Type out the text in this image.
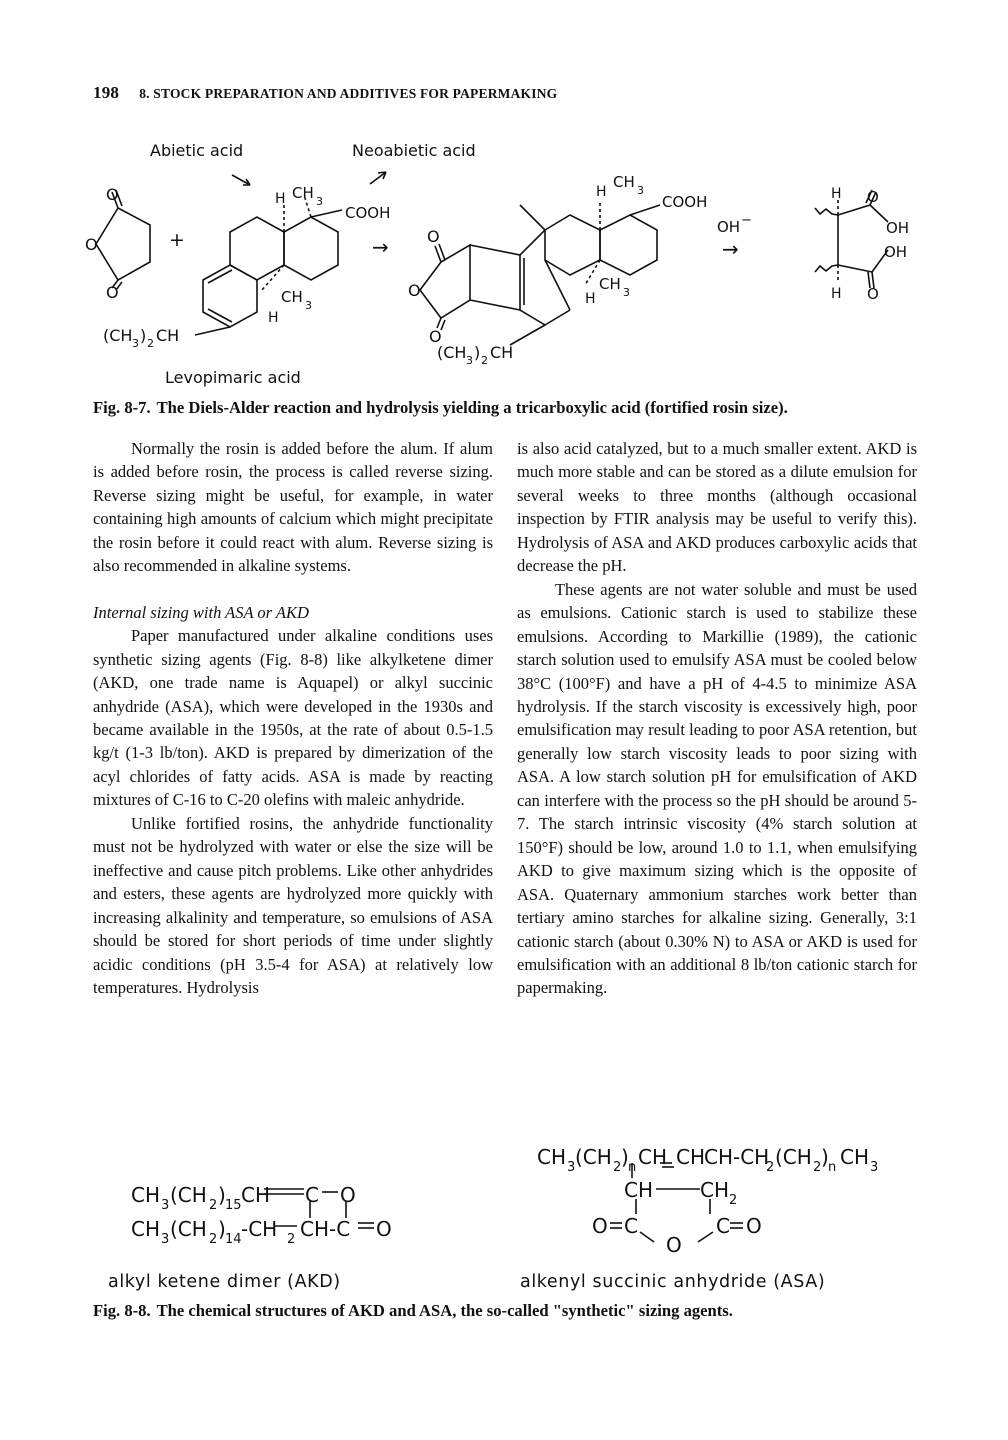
198 8. STOCK PREPARATION AND ADDITIVES FOR PAPERMAKING
Abietic acid	Neoabietic acid
Levopimaric acid
O
O
O
+
H CH 3
COOH
H
CH 3
(CH 3 ) 2 CH
→ O
O
O
(CH 3 ) 2 CH
H
CH 3
COOH
H
CH 3
OH −
→
H O
OH
OH
H O
Fig. 8-7. The Diels-Alder reaction and hydrolysis yielding a tricarboxylic acid (fortified rosin size).

Normally the rosin is added before the alum. If alum is added before rosin, the process is called reverse sizing. Reverse sizing might be useful, for example, in water containing high amounts of calcium which might precipitate the rosin before it could react with alum. Reverse sizing is also recommended in alkaline systems.

Internal sizing with ASA or AKD

Paper manufactured under alkaline conditions uses synthetic sizing agents (Fig. 8-8) like alkylketene dimer (AKD, one trade name is Aquapel) or alkyl succinic anhydride (ASA), which were developed in the 1930s and became available in the 1950s, at the rate of about 0.5-1.5 kg/t (1-3 lb/ton). AKD is prepared by dimerization of the acyl chlorides of fatty acids. ASA is made by reacting mixtures of C-16 to C-20 olefins with maleic anhydride.

Unlike fortified rosins, the anhydride functionality must not be hydrolyzed with water or else the size will be ineffective and cause pitch problems. Like other anhydrides and esters, these agents are hydrolyzed more quickly with increasing alkalinity and temperature, so emulsions of ASA should be stored for short periods of time under slightly acidic conditions (pH 3.5-4 for ASA) at relatively low temperatures. Hydrolysis

is also acid catalyzed, but to a much smaller extent. AKD is much more stable and can be stored as a dilute emulsion for several weeks to three months (although occasional inspection by FTIR analysis may be useful to verify this). Hydrolysis of ASA and AKD produces carboxylic acids that decrease the pH.

These agents are not water soluble and must be used as emulsions. Cationic starch is used to stabilize these emulsions. According to Markillie (1989), the cationic starch solution used to emulsify ASA must be cooled below 38°C (100°F) and have a pH of 4-4.5 to minimize ASA hydrolysis. If the starch viscosity is excessively high, poor emulsification may result leading to poor ASA retention, but generally low starch viscosity leads to poor sizing with ASA. A low starch solution pH for emulsification of AKD can interfere with the process so the pH should be around 5-7. The starch intrinsic viscosity (4% starch solution at 150°F) should be low, around 1.0 to 1.1, when emulsifying AKD to give maximum sizing which is the opposite of ASA. Quaternary ammonium starches work better than tertiary amino starches for alkaline sizing. Generally, 3:1 cationic starch (about 0.30% N) to ASA or AKD is used for emulsification with an additional 8 lb/ton cationic starch for papermaking.

CH 3 (CH 2 ) 15 CH C O
CH 3 (CH 2 ) 14 -CH 2 CH-C O
CH 3 (CH 2 ) n CH CH
CH-CH
2 (CH 2 ) n CH 3
CH CH 2
O C
O
C O
alkyl ketene dimer (AKD)	alkenyl succinic anhydride (ASA)
Fig. 8-8. The chemical structures of AKD and ASA, the so-called "synthetic" sizing agents.
